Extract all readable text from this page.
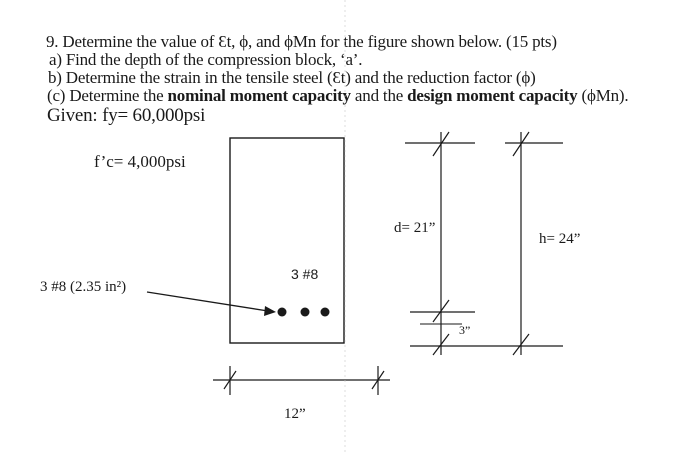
9. Determine the value of Ɛt, ϕ, and ϕMn for the figure shown below. (15 pts)
a) Find the depth of the compression block, ‘a’.
b) Determine the strain in the tensile steel (Ɛt) and the reduction factor (ϕ)
(c) Determine the nominal moment capacity and the design moment capacity (ϕMn).
Given: fy= 60,000psi
f’c= 4,000psi
3 #8 (2.35 in²)
3 #8
d= 21”
h= 24”
3”
12”
